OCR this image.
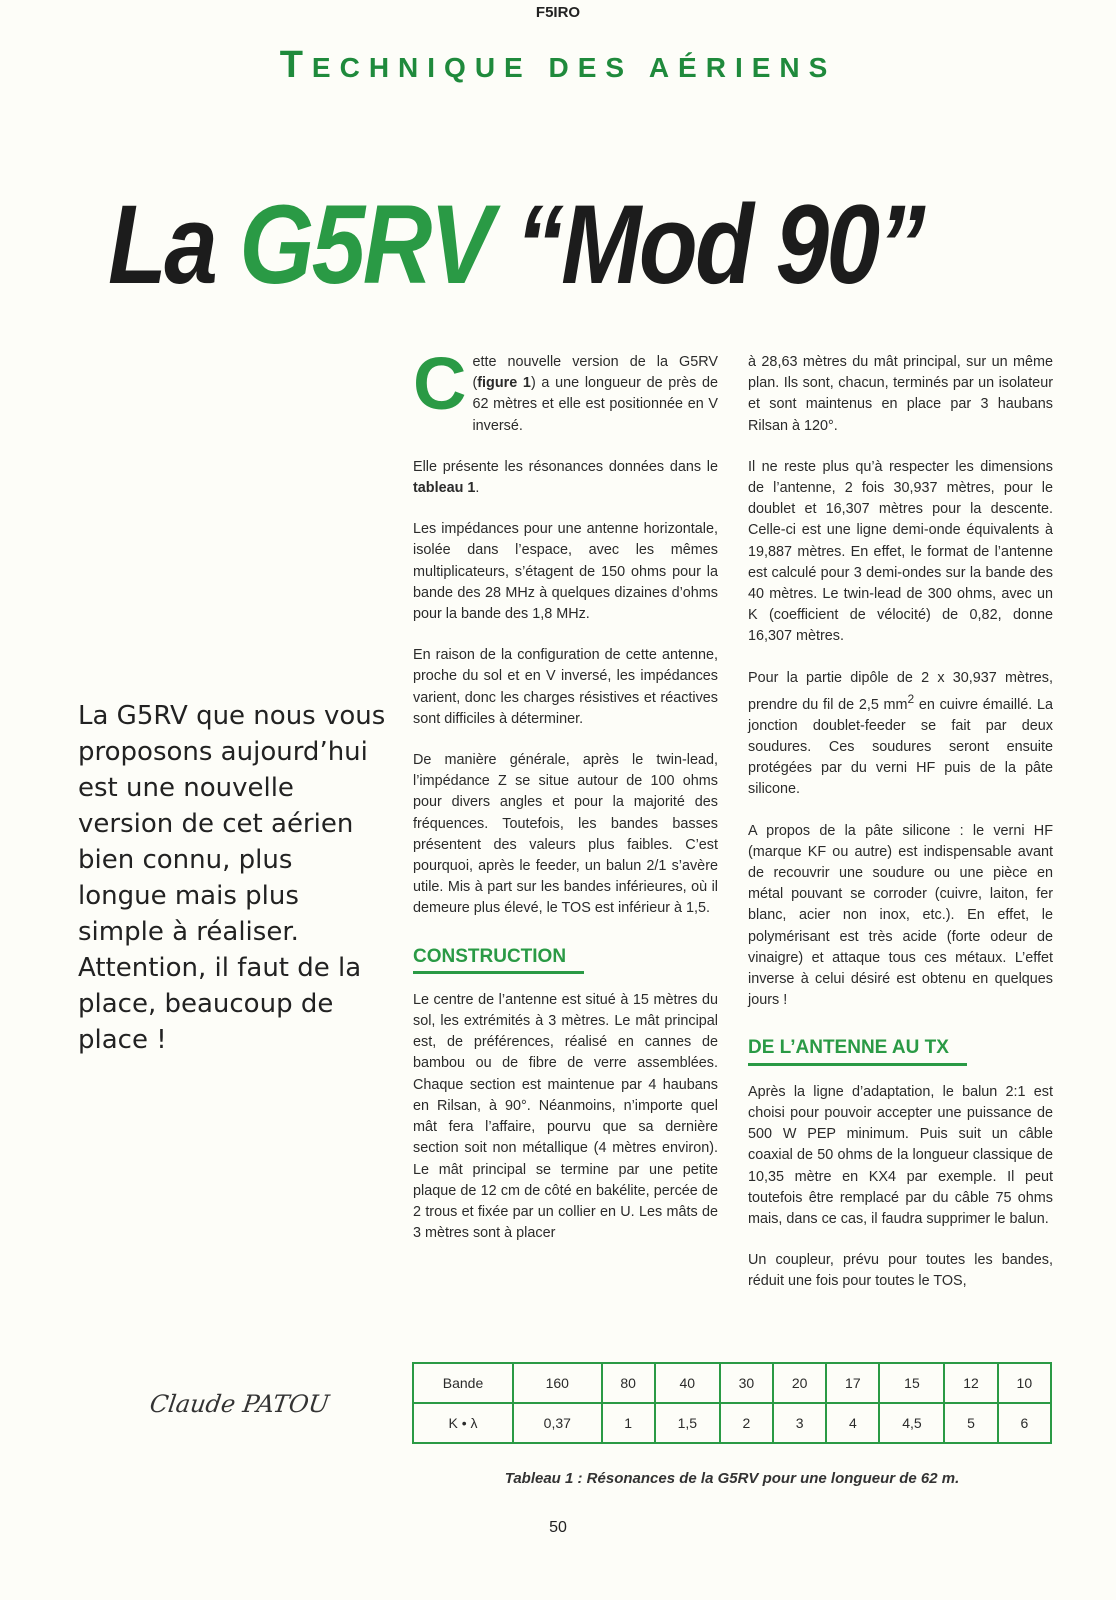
F5IRO
TECHNIQUE DES AÉRIENS
La G5RV “Mod 90”

La G5RV que nous vous proposons aujourd’hui est une nouvelle version de cet aérien bien connu, plus longue mais plus simple à réaliser. Attention, il faut de la place, beaucoup de place !

Cette nouvelle version de la G5RV (figure 1) a une longueur de près de 62 mètres et elle est positionnée en V inversé.

Elle présente les résonances données dans le tableau 1.

Les impédances pour une antenne horizontale, isolée dans l’espace, avec les mêmes multiplicateurs, s’étagent de 150 ohms pour la bande des 28 MHz à quelques dizaines d’ohms pour la bande des 1,8 MHz.

En raison de la configuration de cette antenne, proche du sol et en V inversé, les impédances varient, donc les charges résistives et réactives sont difficiles à déterminer.

De manière générale, après le twin-lead, l’impédance Z se situe autour de 100 ohms pour divers angles et pour la majorité des fréquences. Toutefois, les bandes basses présentent des valeurs plus faibles. C’est pourquoi, après le feeder, un balun 2/1 s’avère utile. Mis à part sur les bandes inférieures, où il demeure plus élevé, le TOS est inférieur à 1,5.

CONSTRUCTION

Le centre de l’antenne est situé à 15 mètres du sol, les extrémités à 3 mètres. Le mât principal est, de préférences, réalisé en cannes de bambou ou de fibre de verre assemblées. Chaque section est maintenue par 4 haubans en Rilsan, à 90°. Néanmoins, n’importe quel mât fera l’affaire, pourvu que sa dernière section soit non métallique (4 mètres environ). Le mât principal se termine par une petite plaque de 12 cm de côté en bakélite, percée de 2 trous et fixée par un collier en U. Les mâts de 3 mètres sont à placer

à 28,63 mètres du mât principal, sur un même plan. Ils sont, chacun, terminés par un isolateur et sont maintenus en place par 3 haubans Rilsan à 120°.

Il ne reste plus qu’à respecter les dimensions de l’antenne, 2 fois 30,937 mètres, pour le doublet et 16,307 mètres pour la descente. Celle-ci est une ligne demi-onde équivalents à 19,887 mètres. En effet, le format de l’antenne est calculé pour 3 demi-ondes sur la bande des 40 mètres. Le twin-lead de 300 ohms, avec un K (coefficient de vélocité) de 0,82, donne 16,307 mètres.

Pour la partie dipôle de 2 x 30,937 mètres, prendre du fil de 2,5 $mm^2$ en cuivre émaillé. La jonction doublet-feeder se fait par deux soudures. Ces soudures seront ensuite protégées par du verni HF puis de la pâte silicone.

A propos de la pâte silicone : le verni HF (marque KF ou autre) est indispensable avant de recouvrir une soudure ou une pièce en métal pouvant se corroder (cuivre, laiton, fer blanc, acier non inox, etc.). En effet, le polymérisant est très acide (forte odeur de vinaigre) et attaque tous ces métaux. L’effet inverse à celui désiré est obtenu en quelques jours !

DE L’ANTENNE AU TX

Après la ligne d’adaptation, le balun 2:1 est choisi pour pouvoir accepter une puissance de 500 W PEP minimum. Puis suit un câble coaxial de 50 ohms de la longueur classique de 10,35 mètre en KX4 par exemple. Il peut toutefois être remplacé par du câble 75 ohms mais, dans ce cas, il faudra supprimer le balun.

Un coupleur, prévu pour toutes les bandes, réduit une fois pour toutes le TOS,

Claude PATOU
Bande	160	80	40	30	20	17	15	12	10
K • λ	0,37	1	1,5	2	3	4	4,5	5	6
Tableau 1 : Résonances de la G5RV pour une longueur de 62 m.
50
